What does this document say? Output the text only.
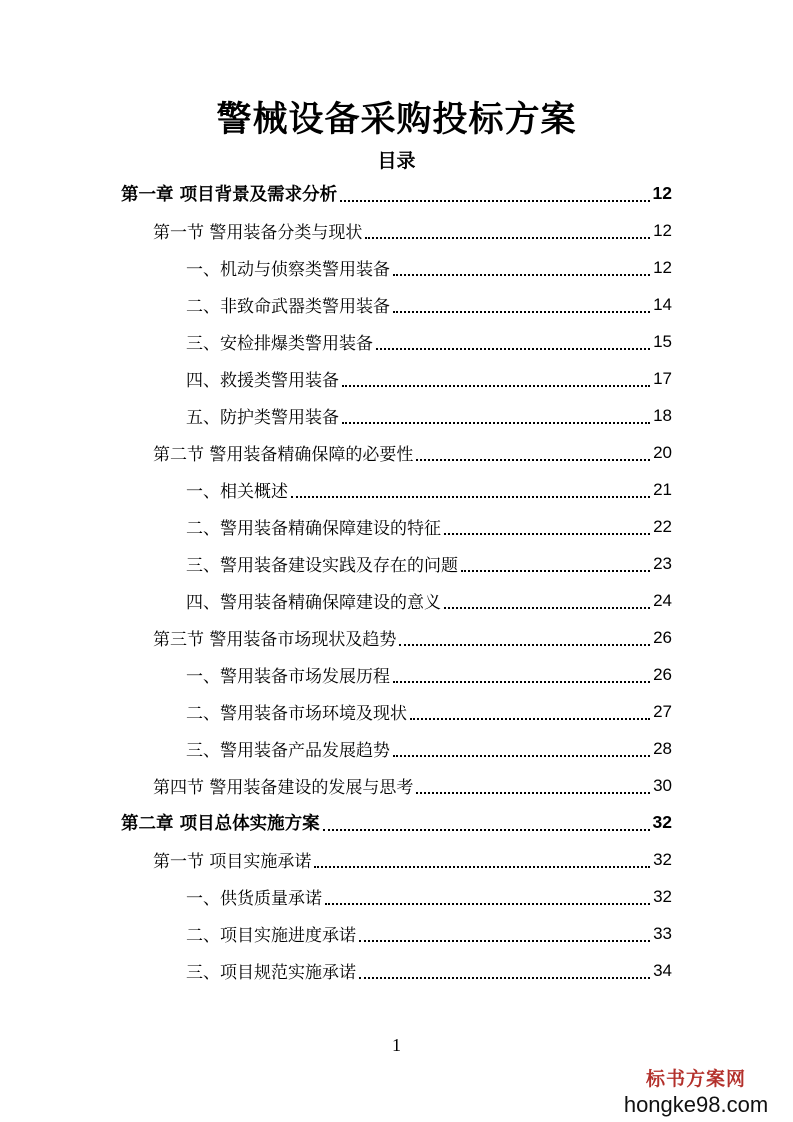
警械设备采购投标方案
目录
第一章 项目背景及需求分析	12
第一节 警用装备分类与现状	12
一、机动与侦察类警用装备	12
二、非致命武器类警用装备	14
三、安检排爆类警用装备	15
四、救援类警用装备	17
五、防护类警用装备	18
第二节 警用装备精确保障的必要性	20
一、相关概述	21
二、警用装备精确保障建设的特征	22
三、警用装备建设实践及存在的问题	23
四、警用装备精确保障建设的意义	24
第三节 警用装备市场现状及趋势	26
一、警用装备市场发展历程	26
二、警用装备市场环境及现状	27
三、警用装备产品发展趋势	28
第四节 警用装备建设的发展与思考	30
第二章 项目总体实施方案	32
第一节 项目实施承诺	32
一、供货质量承诺	32
二、项目实施进度承诺	33
三、项目规范实施承诺	34
1
标书方案网
hongke98.com
